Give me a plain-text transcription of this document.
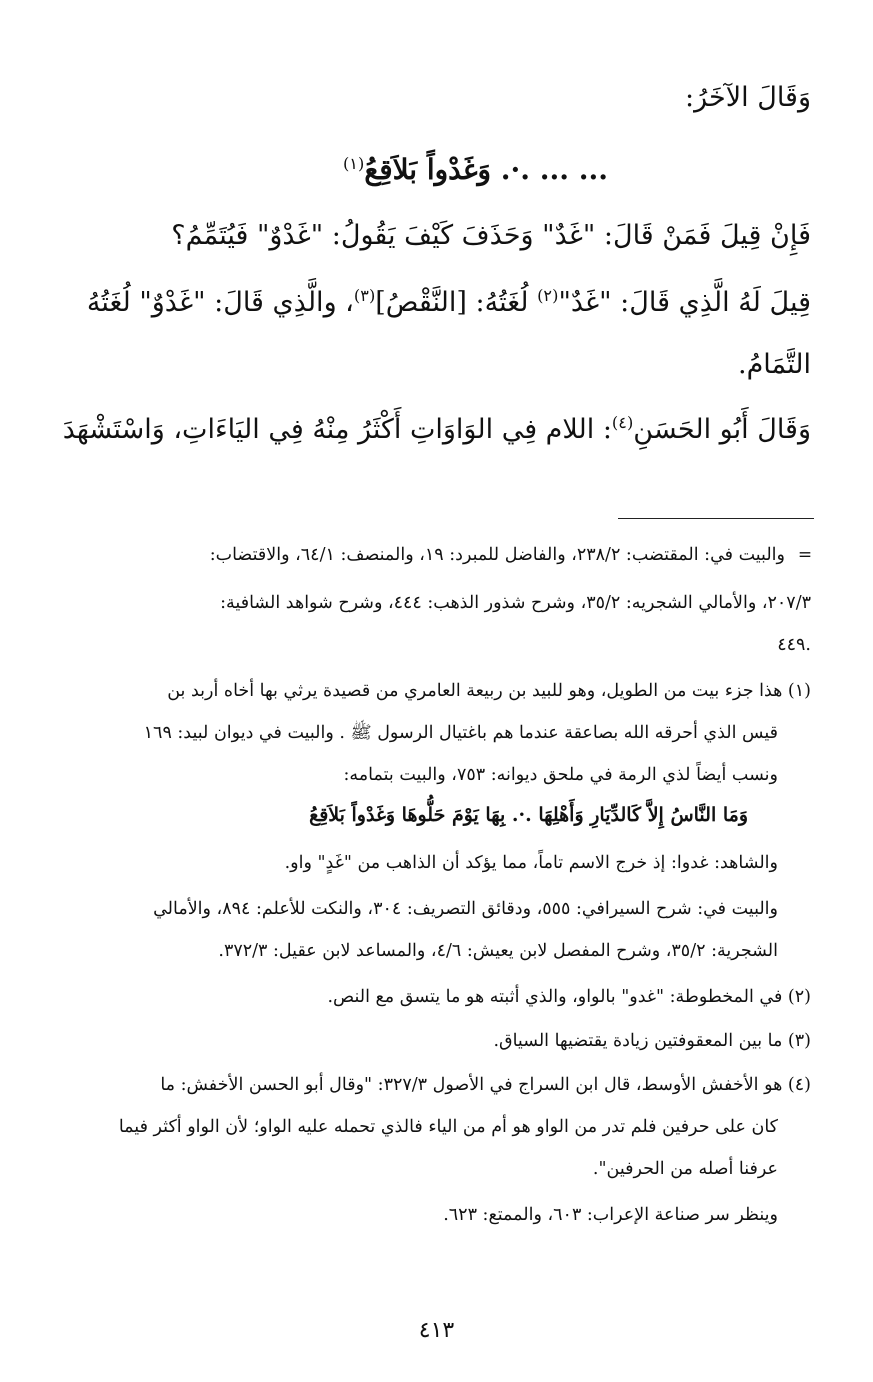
وَقَالَ الآخَرُ:
... ... .·. وَغَدْواً بَلاَقِعُ$^{(١)}$
فَإِنْ قِيلَ فَمَنْ قَالَ: "غَدٌ" وَحَذَفَ كَيْفَ يَقُولُ: "غَدْوٌ" فَيُتَمِّمُ؟
قِيلَ لَهُ الَّذِي قَالَ: "غَدٌ"$^{(٢)}$ لُغَتُهُ: [النَّقْصُ]$^{(٣)}$، والَّذِي قَالَ: "غَدْوٌ" لُغَتُهُ
التَّمَامُ.
وَقَالَ أَبُو الحَسَنِ$^{(٤)}$: اللام فِي الوَاوَاتِ أَكْثَرُ مِنْهُ فِي اليَاءَاتِ، وَاسْتَشْهَدَ
=
والبيت في: المقتضب: ٢٣٨/٢، والفاضل للمبرد: ١٩، والمنصف: ٦٤/١، والاقتضاب:
٢٠٧/٣، والأمالي الشجريه: ٣٥/٢، وشرح شذور الذهب: ٤٤٤، وشرح شواهد الشافية:
٤٤٩.
(١) هذا جزء بيت من الطويل، وهو للبيد بن ربيعة العامري من قصيدة يرثي بها أخاه أربد بن
قيس الذي أحرقه الله بصاعقة عندما هم باغتيال الرسول ﷺ . والبيت في ديوان لبيد: ١٦٩
ونسب أيضاً لذي الرمة في ملحق ديوانه: ٧٥٣، والبيت بتمامه:
وَمَا النَّاسُ إِلاَّ كَالدِّيَارِ وَأَهْلِهَا .·. بِهَا يَوْمَ حَلُّوهَا وَغَدْواً بَلاَقِعُ
والشاهد: غدوا: إذ خرج الاسم تاماً، مما يؤكد أن الذاهب من "غَدٍ" واو.
والبيت في: شرح السيرافي: ٥٥٥، ودقائق التصريف: ٣٠٤، والنكت للأعلم: ٨٩٤، والأمالي
الشجرية: ٣٥/٢، وشرح المفصل لابن يعيش: ٤/٦، والمساعد لابن عقيل: ٣٧٢/٣.
(٢) في المخطوطة: "غدو" بالواو، والذي أثبته هو ما يتسق مع النص.
(٣) ما بين المعقوفتين زيادة يقتضيها السياق.
(٤) هو الأخفش الأوسط، قال ابن السراج في الأصول ٣٢٧/٣: "وقال أبو الحسن الأخفش: ما
كان على حرفين فلم تدر من الواو هو أم من الياء فالذي تحمله عليه الواو؛ لأن الواو أكثر فيما
عرفنا أصله من الحرفين".
وينظر سر صناعة الإعراب: ٦٠٣، والممتع: ٦٢٣.
٤١٣
